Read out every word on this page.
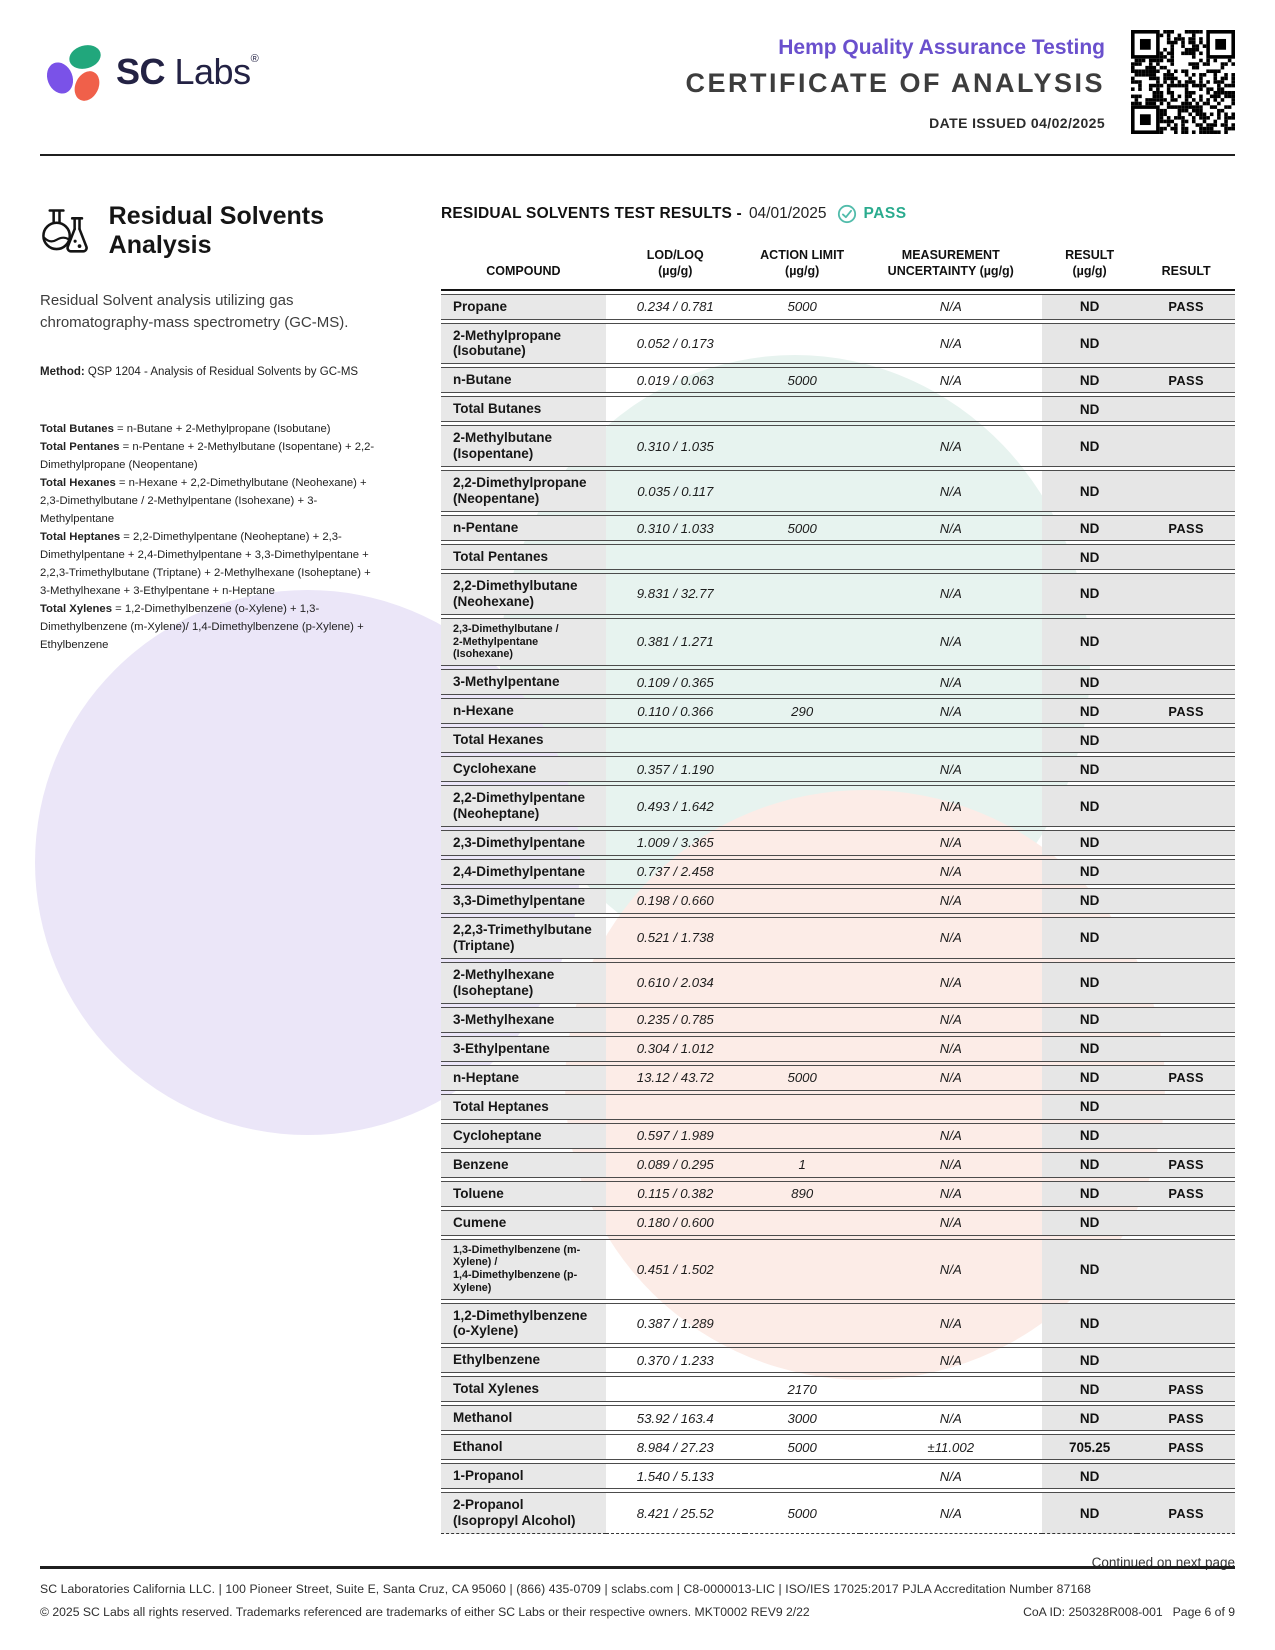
SC Labs®	Hemp Quality Assurance Testing
CERTIFICATE OF ANALYSIS
DATE ISSUED 04/02/2025
Residual Solvents Analysis

Residual Solvent analysis utilizing gas chromatography-mass spectrometry (GC-MS).

Method: QSP 1204 - Analysis of Residual Solvents by GC-MS

Total Butanes = n-Butane + 2-Methylpropane (Isobutane)
Total Pentanes = n-Pentane + 2-Methylbutane (Isopentane) + 2,2-Dimethylpropane (Neopentane)
Total Hexanes = n-Hexane + 2,2-Dimethylbutane (Neohexane) + 2,3-Dimethylbutane / 2-Methylpentane (Isohexane) + 3-Methylpentane
Total Heptanes = 2,2-Dimethylpentane (Neoheptane) + 2,3-Dimethylpentane + 2,4-Dimethylpentane + 3,3-Dimethylpentane + 2,2,3-Trimethylbutane (Triptane) + 2-Methylhexane (Isoheptane) + 3-Methylhexane + 3-Ethylpentane + n-Heptane
Total Xylenes = 1,2-Dimethylbenzene (o-Xylene) + 1,3-Dimethylbenzene (m-Xylene)/ 1,4-Dimethylbenzene (p-Xylene) + Ethylbenzene
RESIDUAL SOLVENTS TEST RESULTS - 04/01/2025 PASS
COMPOUND

LOD/LOQ
(µg/g)

ACTION LIMIT
(µg/g)

MEASUREMENT
UNCERTAINTY (µg/g)

RESULT
(µg/g)	RESULT

Propane	0.234 / 0.781	5000	N/A	ND	PASS

2-Methylpropane
(Isobutane)	0.052 / 0.173		N/A	ND	

n-Butane	0.019 / 0.063	5000	N/A	ND	PASS

Total Butanes				ND	

2-Methylbutane
(Isopentane)	0.310 / 1.035		N/A	ND	

2,2-Dimethylpropane
(Neopentane)	0.035 / 0.117		N/A	ND	

n-Pentane	0.310 / 1.033	5000	N/A	ND	PASS

Total Pentanes				ND	

2,2-Dimethylbutane
(Neohexane)	9.831 / 32.77		N/A	ND	

2,3-Dimethylbutane /
2-Methylpentane (Isohexane)	0.381 / 1.271		N/A	ND	

3-Methylpentane	0.109 / 0.365		N/A	ND	

n-Hexane	0.110 / 0.366	290	N/A	ND	PASS

Total Hexanes				ND	

Cyclohexane	0.357 / 1.190		N/A	ND	

2,2-Dimethylpentane
(Neoheptane)	0.493 / 1.642		N/A	ND	

2,3-Dimethylpentane	1.009 / 3.365		N/A	ND	

2,4-Dimethylpentane	0.737 / 2.458		N/A	ND	

3,3-Dimethylpentane	0.198 / 0.660		N/A	ND	

2,2,3-Trimethylbutane
(Triptane)	0.521 / 1.738		N/A	ND	

2-Methylhexane
(Isoheptane)	0.610 / 2.034		N/A	ND	

3-Methylhexane	0.235 / 0.785		N/A	ND	

3-Ethylpentane	0.304 / 1.012		N/A	ND	

n-Heptane	13.12 / 43.72	5000	N/A	ND	PASS

Total Heptanes				ND	

Cycloheptane	0.597 / 1.989		N/A	ND	

Benzene	0.089 / 0.295	1	N/A	ND	PASS

Toluene	0.115 / 0.382	890	N/A	ND	PASS

Cumene	0.180 / 0.600		N/A	ND	

1,3-Dimethylbenzene (m-Xylene) /
1,4-Dimethylbenzene (p-Xylene)	0.451 / 1.502		N/A	ND	

1,2-Dimethylbenzene
(o-Xylene)	0.387 / 1.289		N/A	ND	

Ethylbenzene	0.370 / 1.233		N/A	ND	

Total Xylenes		2170		ND	PASS

Methanol	53.92 / 163.4	3000	N/A	ND	PASS

Ethanol	8.984 / 27.23	5000	±11.002	705.25	PASS

1-Propanol	1.540 / 5.133		N/A	ND	

2-Propanol
(Isopropyl Alcohol)	8.421 / 25.52	5000	N/A	ND	PASS
Continued on next page
SC Laboratories California LLC. | 100 Pioneer Street, Suite E, Santa Cruz, CA 95060 | (866) 435-0709 | sclabs.com | C8-0000013-LIC | ISO/IES 17025:2017 PJLA Accreditation Number 87168
© 2025 SC Labs all rights reserved. Trademarks referenced are trademarks of either SC Labs or their respective owners. MKT0002 REV9 2/22	CoA ID: 250328R008-001 Page 6 of 9
